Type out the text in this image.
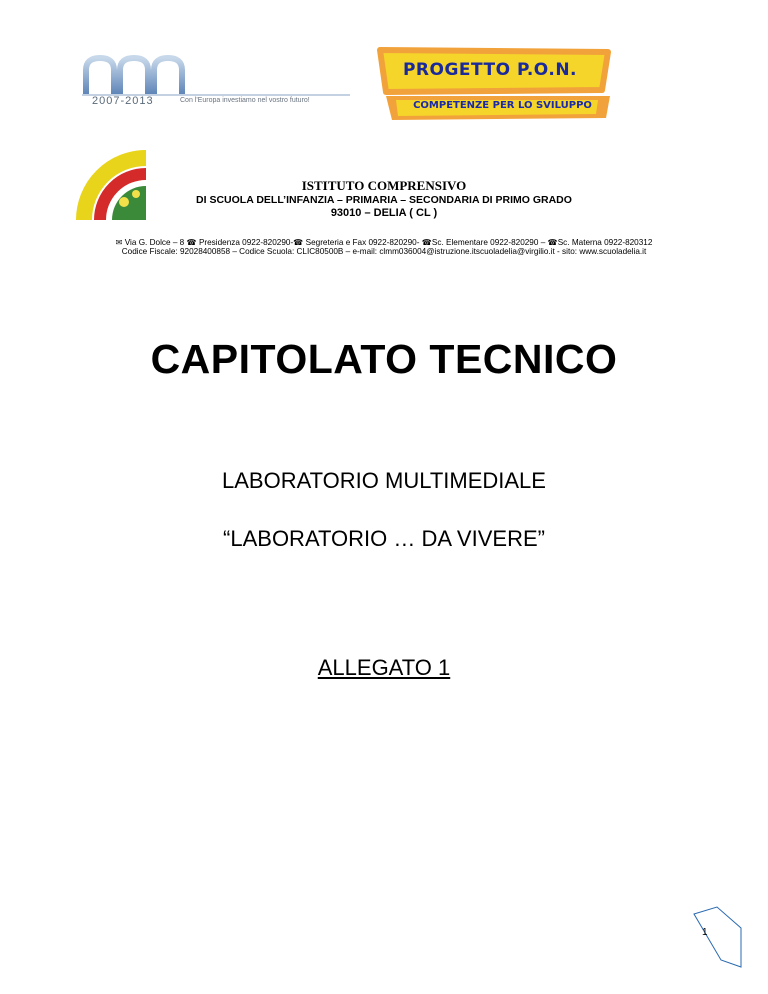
2007-2013	Con l'Europa investiamo nel vostro futuro!
PROGETTO P.O.N.
COMPETENZE PER LO SVILUPPO
ISTITUTO COMPRENSIVO
DI SCUOLA DELL’INFANZIA – PRIMARIA – SECONDARIA DI PRIMO GRADO
93010 – DELIA ( CL )
✉ Via G. Dolce – 8 ☎ Presidenza 0922-820290-☎ Segreteria e Fax 0922-820290- ☎Sc. Elementare 0922-820290 – ☎Sc. Materna 0922-820312
Codice Fiscale: 92028400858 – Codice Scuola: CLIC80500B – e-mail: clmm036004@istruzione.itscuoladelia@virgilio.it - sito: www.scuoladelia.it
CAPITOLATO TECNICO
LABORATORIO MULTIMEDIALE
“LABORATORIO … DA VIVERE”
ALLEGATO 1
1
